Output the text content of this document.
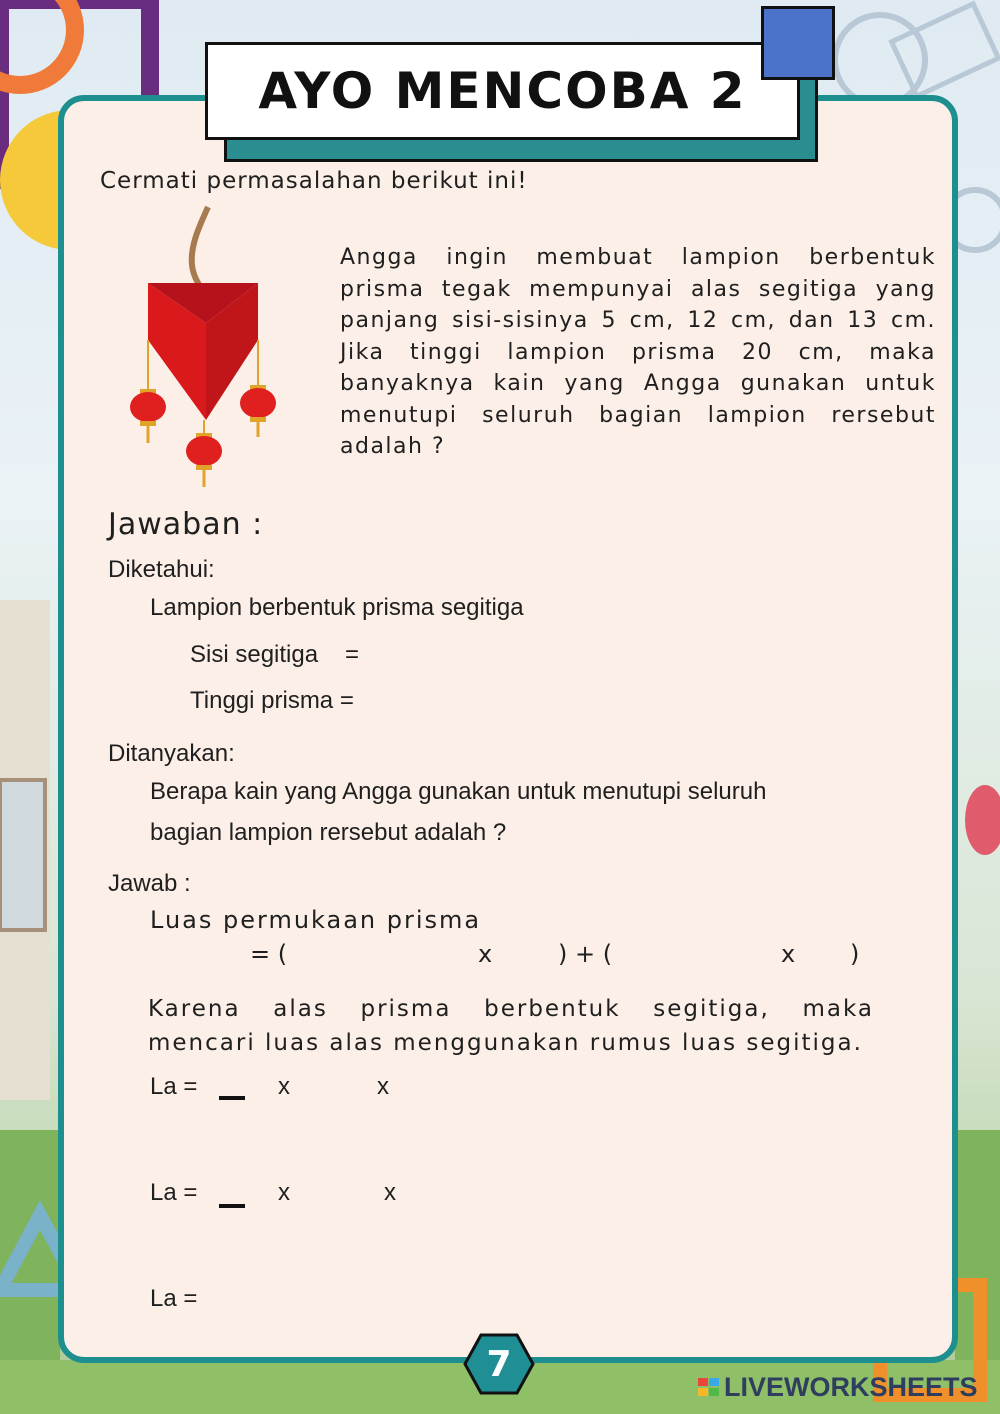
AYO MENCOBA 2
Cermati permasalahan berikut ini!
Angga ingin membuat lampion berbentuk prisma tegak mempunyai alas segitiga yang panjang sisi-sisinya 5 cm, 12 cm, dan 13 cm. Jika tinggi lampion prisma 20 cm, maka banyaknya kain yang Angga gunakan untuk menutupi seluruh bagian lampion rersebut adalah ?
Jawaban :
Diketahui:
Lampion berbentuk prisma segitiga
Sisi segitiga =
Tinggi prisma =
Ditanyakan:
Berapa kain yang Angga gunakan untuk menutupi seluruh
bagian lampion rersebut adalah ?
Jawab :
Luas permukaan prisma
= (	x	) + (	x )
Karena alas prisma berbentuk segitiga, maka mencari luas alas menggunakan rumus luas segitiga.
La =	x	x
La =	x	x
La =
7
LIVEWORKSHEETS
